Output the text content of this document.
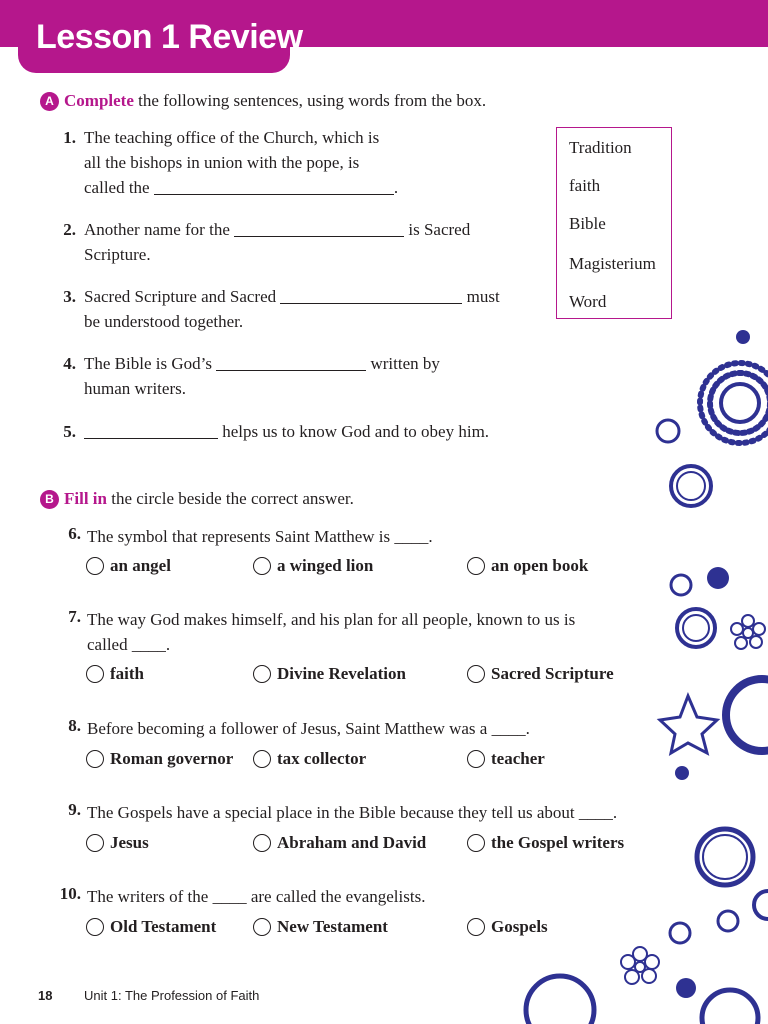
Lesson 1 Review
A Complete the following sentences, using words from the box.
1. The teaching office of the Church, which is
all the bishops in union with the pope, is
called the	.
2. Another name for the	is Sacred
Scripture.
3. Sacred Scripture and Sacred	must
be understood together.
4. The Bible is God’s	written by
human writers.
5.	helps us to know God and to obey him.
Tradition
faith
Bible
Magisterium
Word
B Fill in the circle beside the correct answer.
6. The symbol that represents Saint Matthew is ____.
an angel	a winged lion	an open book
7. The way God makes himself, and his plan for all people, known to us is
called ____.
faith	Divine Revelation	Sacred Scripture
8. Before becoming a follower of Jesus, Saint Matthew was a ____.
Roman governor	tax collector	teacher
9. The Gospels have a special place in the Bible because they tell us about ____.
Jesus	Abraham and David	the Gospel writers
10. The writers of the ____ are called the evangelists.
Old Testament	New Testament	Gospels
18 Unit 1: The Profession of Faith
